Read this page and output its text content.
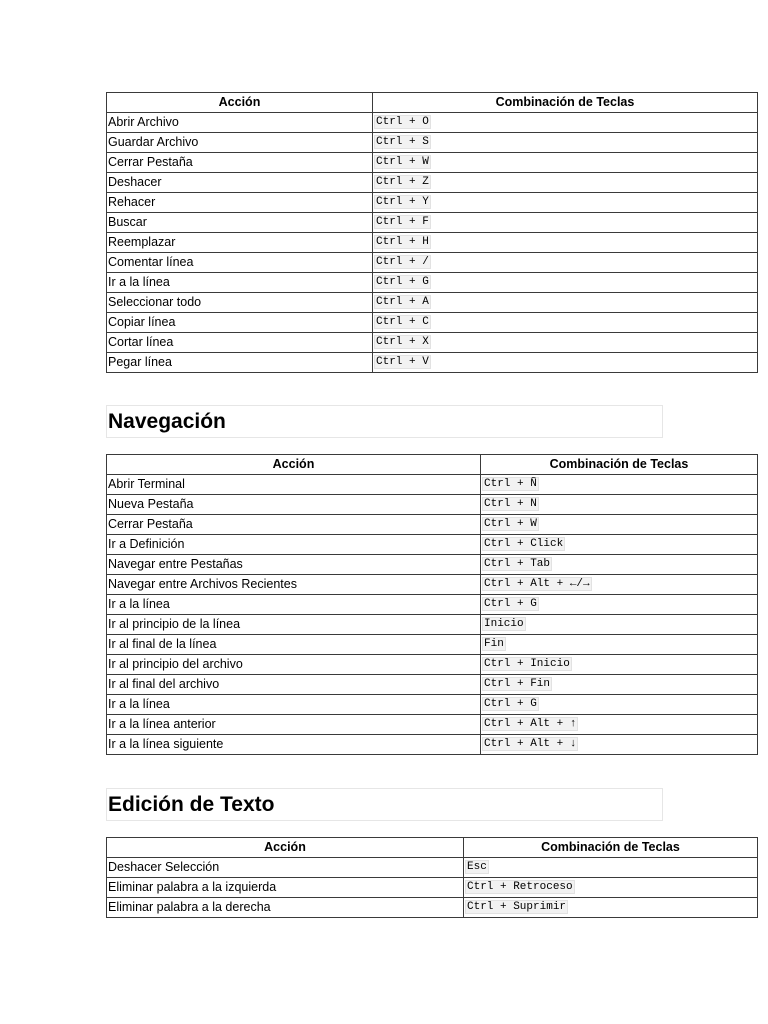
Acción	Combinación de Teclas
Abrir Archivo	Ctrl + O
Guardar Archivo	Ctrl + S
Cerrar Pestaña	Ctrl + W
Deshacer	Ctrl + Z
Rehacer	Ctrl + Y
Buscar	Ctrl + F
Reemplazar	Ctrl + H
Comentar línea	Ctrl + /
Ir a la línea	Ctrl + G
Seleccionar todo	Ctrl + A
Copiar línea	Ctrl + C
Cortar línea	Ctrl + X
Pegar línea	Ctrl + V
Navegación
Acción	Combinación de Teclas
Abrir Terminal	Ctrl + Ñ
Nueva Pestaña	Ctrl + N
Cerrar Pestaña	Ctrl + W
Ir a Definición	Ctrl + Click
Navegar entre Pestañas	Ctrl + Tab
Navegar entre Archivos Recientes	Ctrl + Alt + ←/→
Ir a la línea	Ctrl + G
Ir al principio de la línea	Inicio
Ir al final de la línea	Fin
Ir al principio del archivo	Ctrl + Inicio
Ir al final del archivo	Ctrl + Fin
Ir a la línea	Ctrl + G
Ir a la línea anterior	Ctrl + Alt + ↑
Ir a la línea siguiente	Ctrl + Alt + ↓
Edición de Texto
Acción	Combinación de Teclas
Deshacer Selección	Esc
Eliminar palabra a la izquierda	Ctrl + Retroceso
Eliminar palabra a la derecha	Ctrl + Suprimir
